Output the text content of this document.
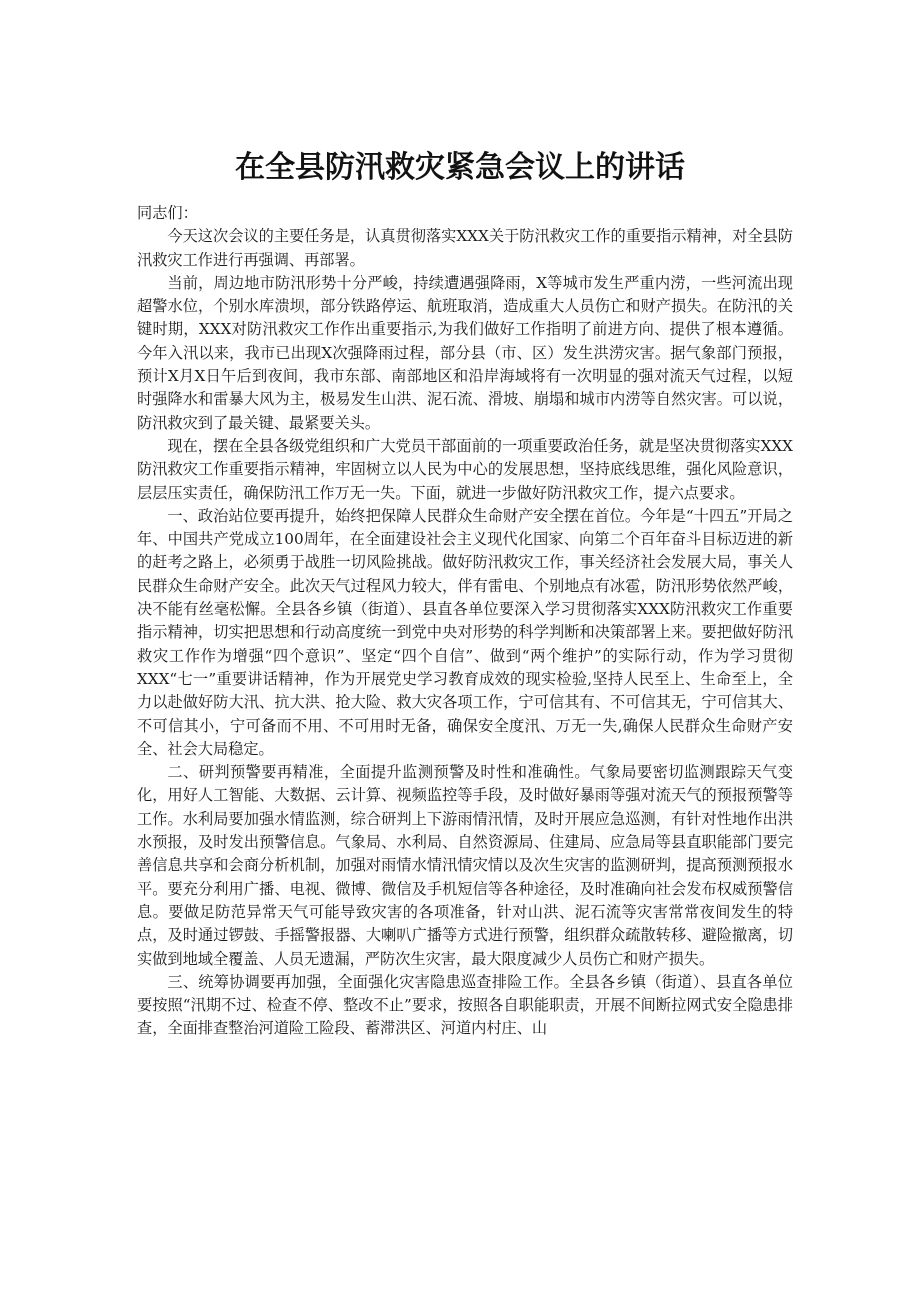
在全县防汛救灾紧急会议上的讲话

同志们：

今天这次会议的主要任务是，认真贯彻落实XXX关于防汛救灾工作的重要指示精神，对全县防汛救灾工作进行再强调、再部署。

当前，周边地市防汛形势十分严峻，持续遭遇强降雨，X等城市发生严重内涝，一些河流出现超警水位，个别水库溃坝，部分铁路停运、航班取消，造成重大人员伤亡和财产损失。在防汛的关键时期，XXX对防汛救灾工作作出重要指示,为我们做好工作指明了前进方向、提供了根本遵循。今年入汛以来，我市已出现X次强降雨过程，部分县（市、区）发生洪涝灾害。据气象部门预报，预计X月X日午后到夜间，我市东部、南部地区和沿岸海域将有一次明显的强对流天气过程，以短时强降水和雷暴大风为主，极易发生山洪、泥石流、滑坡、崩塌和城市内涝等自然灾害。可以说，防汛救灾到了最关键、最紧要关头。

现在，摆在全县各级党组织和广大党员干部面前的一项重要政治任务，就是坚决贯彻落实XXX防汛救灾工作重要指示精神，牢固树立以人民为中心的发展思想，坚持底线思维，强化风险意识，层层压实责任，确保防汛工作万无一失。下面，就进一步做好防汛救灾工作，提六点要求。

一、政治站位要再提升，始终把保障人民群众生命财产安全摆在首位。今年是“十四五”开局之年、中国共产党成立100周年，在全面建设社会主义现代化国家、向第二个百年奋斗目标迈进的新的赶考之路上，必须勇于战胜一切风险挑战。做好防汛救灾工作，事关经济社会发展大局，事关人民群众生命财产安全。此次天气过程风力较大，伴有雷电、个别地点有冰雹，防汛形势依然严峻，决不能有丝毫松懈。全县各乡镇（街道）、县直各单位要深入学习贯彻落实XXX防汛救灾工作重要指示精神，切实把思想和行动高度统一到党中央对形势的科学判断和决策部署上来。要把做好防汛救灾工作作为增强“四个意识”、坚定“四个自信”、做到“两个维护”的实际行动，作为学习贯彻XXX“七一”重要讲话精神，作为开展党史学习教育成效的现实检验,坚持人民至上、生命至上，全力以赴做好防大汛、抗大洪、抢大险、救大灾各项工作，宁可信其有、不可信其无，宁可信其大、不可信其小，宁可备而不用、不可用时无备，确保安全度汛、万无一失,确保人民群众生命财产安全、社会大局稳定。

二、研判预警要再精准，全面提升监测预警及时性和准确性。气象局要密切监测跟踪天气变化，用好人工智能、大数据、云计算、视频监控等手段，及时做好暴雨等强对流天气的预报预警等工作。水利局要加强水情监测，综合研判上下游雨情汛情，及时开展应急巡测，有针对性地作出洪水预报，及时发出预警信息。气象局、水利局、自然资源局、住建局、应急局等县直职能部门要完善信息共享和会商分析机制，加强对雨情水情汛情灾情以及次生灾害的监测研判，提高预测预报水平。要充分利用广播、电视、微博、微信及手机短信等各种途径，及时准确向社会发布权威预警信息。要做足防范异常天气可能导致灾害的各项准备，针对山洪、泥石流等灾害常常夜间发生的特点，及时通过锣鼓、手摇警报器、大喇叭广播等方式进行预警，组织群众疏散转移、避险撤离，切实做到地域全覆盖、人员无遗漏，严防次生灾害，最大限度减少人员伤亡和财产损失。

三、统筹协调要再加强，全面强化灾害隐患巡查排险工作。全县各乡镇（街道）、县直各单位要按照“汛期不过、检查不停、整改不止”要求，按照各自职能职责，开展不间断拉网式安全隐患排查，全面排查整治河道险工险段、蓄滞洪区、河道内村庄、山
